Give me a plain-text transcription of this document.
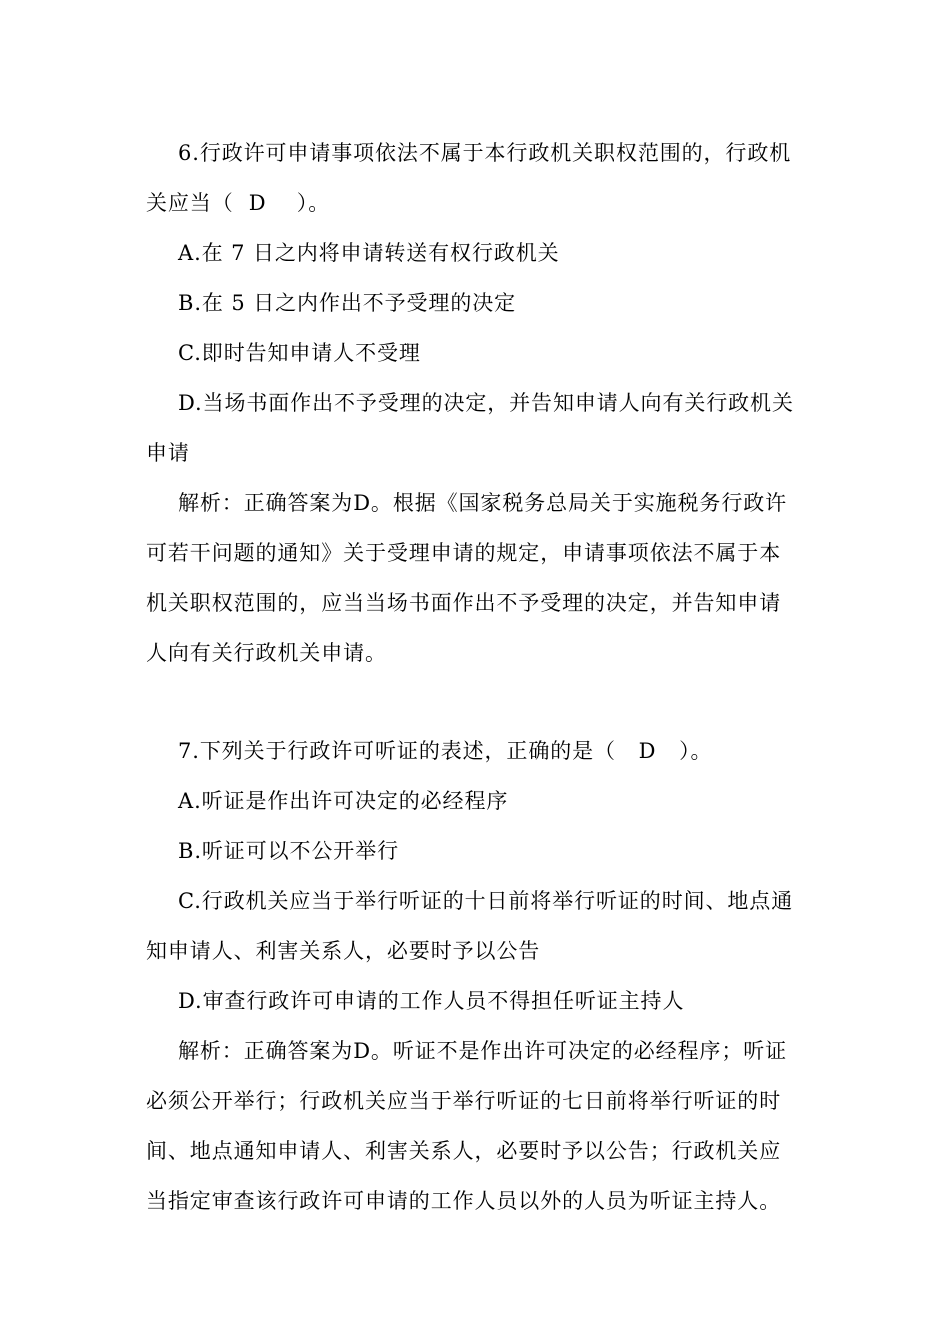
6.行政许可申请事项依法不属于本行政机关职权范围的，行政机
关应当（  D    ）。
A.在 7 日之内将申请转送有权行政机关
B.在 5 日之内作出不予受理的决定
C.即时告知申请人不受理
D.当场书面作出不予受理的决定，并告知申请人向有关行政机关
申请
解析：正确答案为D。根据《国家税务总局关于实施税务行政许
可若干问题的通知》关于受理申请的规定，申请事项依法不属于本
机关职权范围的，应当当场书面作出不予受理的决定，并告知申请
人向有关行政机关申请。
7.下列关于行政许可听证的表述，正确的是（   D   ）。
A.听证是作出许可决定的必经程序
B.听证可以不公开举行
C.行政机关应当于举行听证的十日前将举行听证的时间、地点通
知申请人、利害关系人，必要时予以公告
D.审查行政许可申请的工作人员不得担任听证主持人
解析：正确答案为D。听证不是作出许可决定的必经程序；听证
必须公开举行；行政机关应当于举行听证的七日前将举行听证的时
间、地点通知申请人、利害关系人，必要时予以公告；行政机关应
当指定审查该行政许可申请的工作人员以外的人员为听证主持人。
